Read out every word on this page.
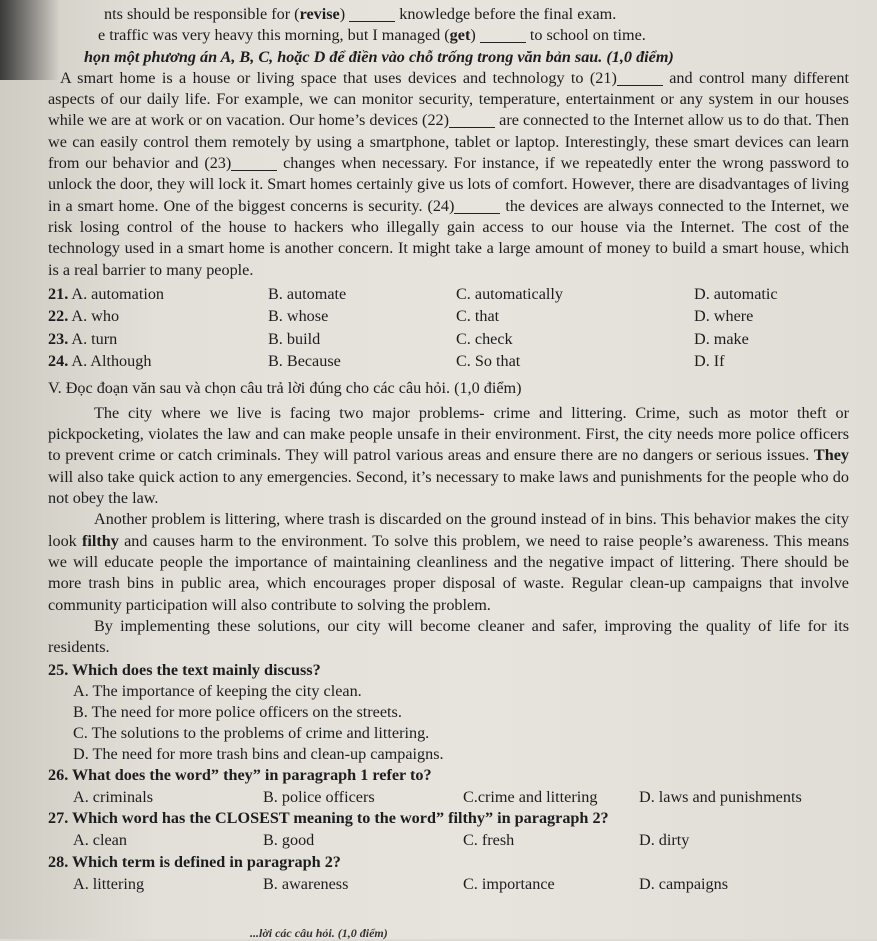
nts should be responsible for (revise)	knowledge before the final exam.
e traffic was very heavy this morning, but I managed (get)	to school on time.
họn một phương án A, B, C, hoặc D để điền vào chỗ trống trong văn bản sau. (1,0 điểm)
A smart home is a house or living space that uses devices and technology to (21)	and control many different aspects of our daily life. For example, we can monitor security, temperature, entertainment or any system in our houses while we are at work or on vacation. Our home’s devices (22)	are connected to the Internet allow us to do that. Then we can easily control them remotely by using a smartphone, tablet or laptop. Interestingly, these smart devices can learn from our behavior and (23)	changes when necessary. For instance, if we repeatedly enter the wrong password to unlock the door, they will lock it. Smart homes certainly give us lots of comfort. However, there are disadvantages of living in a smart home. One of the biggest concerns is security. (24)	the devices are always connected to the Internet, we risk losing control of the house to hackers who illegally gain access to our house via the Internet. The cost of the technology used in a smart home is another concern. It might take a large amount of money to build a smart house, which is a real barrier to many people.
21. A. automation	B. automate	C. automatically	D. automatic
22. A. who	B. whose	C. that	D. where
23. A. turn	B. build	C. check	D. make
24. A. Although	B. Because	C. So that	D. If
V. Đọc đoạn văn sau và chọn câu trả lời đúng cho các câu hỏi. (1,0 điểm)
The city where we live is facing two major problems- crime and littering. Crime, such as motor theft or pickpocketing, violates the law and can make people unsafe in their environment. First, the city needs more police officers to prevent crime or catch criminals. They will patrol various areas and ensure there are no dangers or serious issues. They will also take quick action to any emergencies. Second, it’s necessary to make laws and punishments for the people who do not obey the law.
Another problem is littering, where trash is discarded on the ground instead of in bins. This behavior makes the city look filthy and causes harm to the environment. To solve this problem, we need to raise people’s awareness. This means we will educate people the importance of maintaining cleanliness and the negative impact of littering. There should be more trash bins in public area, which encourages proper disposal of waste. Regular clean-up campaigns that involve community participation will also contribute to solving the problem.
By implementing these solutions, our city will become cleaner and safer, improving the quality of life for its residents.
25. Which does the text mainly discuss?
A. The importance of keeping the city clean.
B. The need for more police officers on the streets.
C. The solutions to the problems of crime and littering.
D. The need for more trash bins and clean-up campaigns.
26. What does the word” they” in paragraph 1 refer to?
A. criminals	B. police officers	C.crime and littering	D. laws and punishments
27. Which word has the CLOSEST meaning to the word” filthy” in paragraph 2?
A. clean	B. good	C. fresh	D. dirty
28. Which term is defined in paragraph 2?
A. littering	B. awareness	C. importance	D. campaigns
...lời các câu hỏi. (1,0 điểm)
